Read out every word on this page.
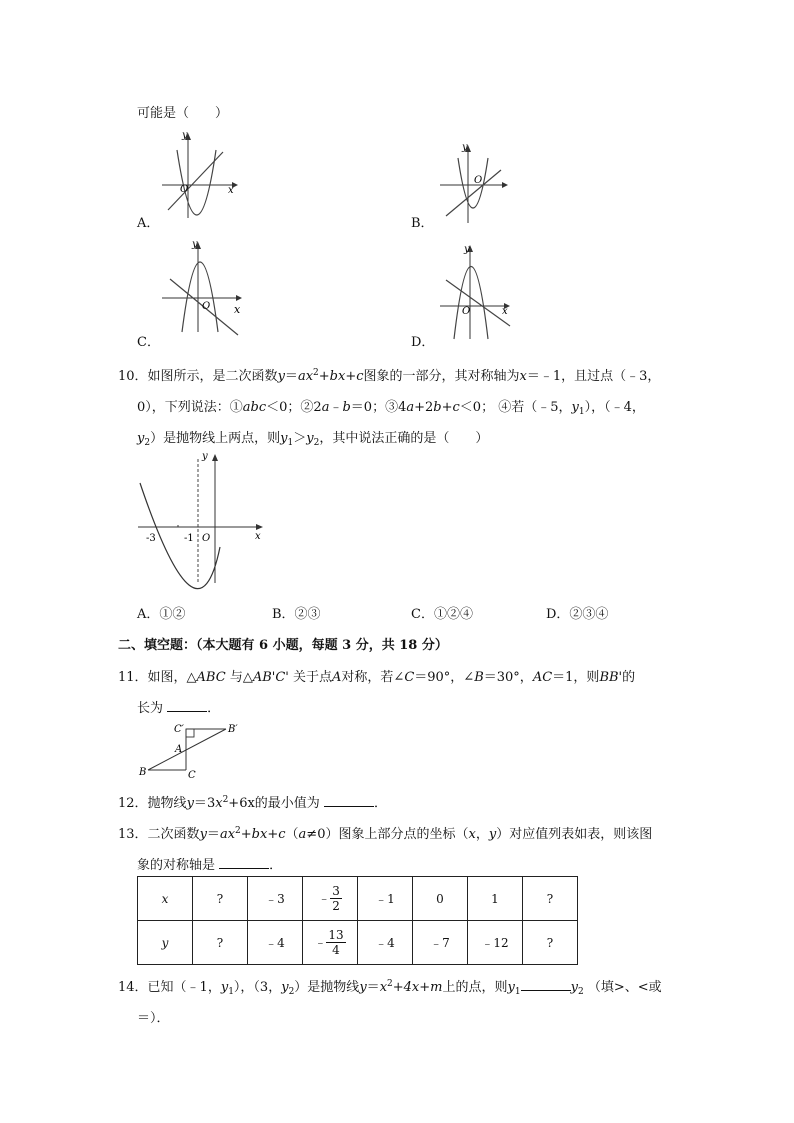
可能是（　　）
x
y
O
A．
y
O
B．
x
y
O
C．
x
y
O
D．
10．如图所示，是二次函数$y=ax^2+bx+c$图象的一部分，其对称轴为x＝﹣1，且过点（﹣3，
0），下列说法：①abc＜0；②2a﹣b＝0；③4a+2b+c＜0； ④若（﹣5，$y_1$），（﹣4，
$y_2$）是抛物线上两点，则$y_1>y_2$，其中说法正确的是（　　）
-3	-1 O	x
y
A．①②	B．②③	C．①②④	D．②③④
二、填空题：（本大题有 6 小题，每题 3 分，共 18 分）
11．如图，△ABC 与△AB'C' 关于点A对称，若∠C＝90°，∠B＝30°，AC＝1，则BB'的
长为	．
C′	B′
A
B	C
12．抛物线$y=3x^2+6x$的最小值为	．
13．二次函数$y=ax^2+bx+c(a\ne 0)$图象上部分点的坐标（x，y）对应值列表如表，则该图
象的对称轴是	．
x	?	﹣3	﹣ $\frac{3}{2}$	﹣1	0	1	?
y	?	﹣4	﹣ $\frac{13}{4}$	﹣4	﹣7	﹣12	?
14．已知（﹣1，$y_1$），（3，$y_2$）是抛物线$y=x^2+4x+m$上的点，则$y_1$	$y_2$ （填>、<或
＝）．
